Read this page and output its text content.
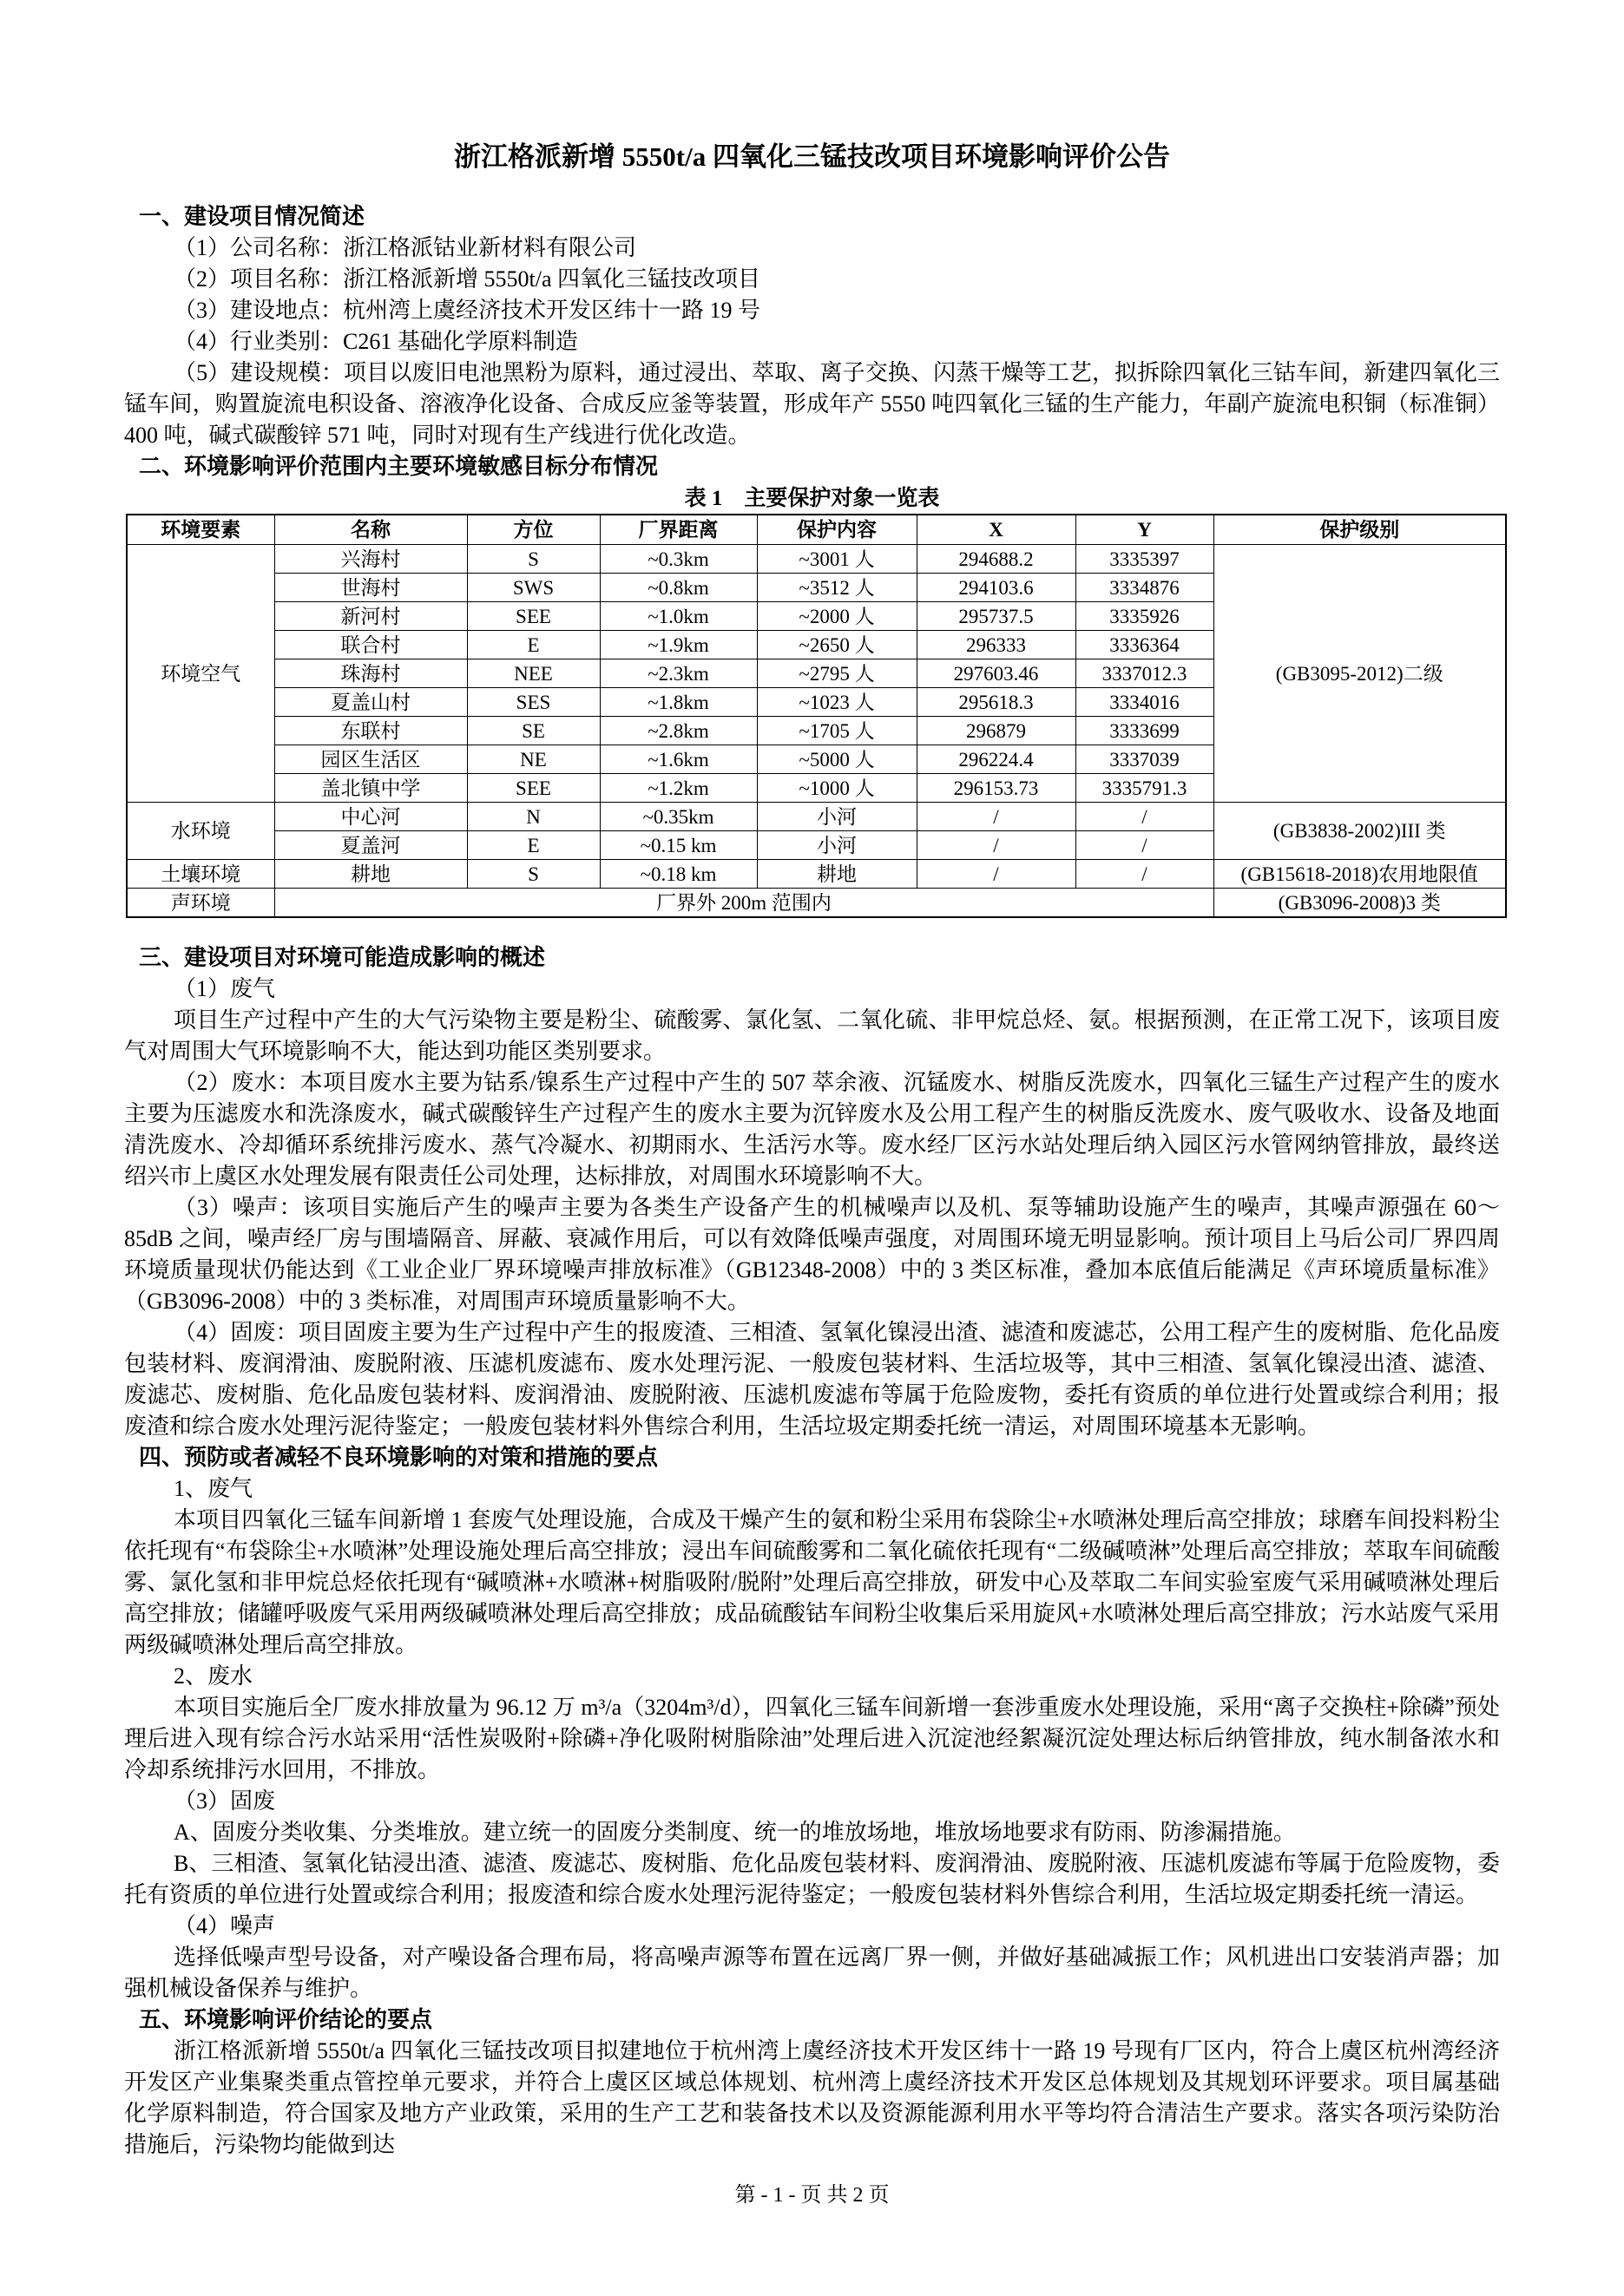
浙江格派新增 5550t/a 四氧化三锰技改项目环境影响评价公告

一、建设项目情况简述

（1）公司名称：浙江格派钴业新材料有限公司

（2）项目名称：浙江格派新增 5550t/a 四氧化三锰技改项目

（3）建设地点：杭州湾上虞经济技术开发区纬十一路 19 号

（4）行业类别：C261 基础化学原料制造

（5）建设规模：项目以废旧电池黑粉为原料，通过浸出、萃取、离子交换、闪蒸干燥等工艺，拟拆除四氧化三钴车间，新建四氧化三锰车间，购置旋流电积设备、溶液净化设备、合成反应釜等装置，形成年产 5550 吨四氧化三锰的生产能力，年副产旋流电积铜（标准铜）400 吨，碱式碳酸锌 571 吨，同时对现有生产线进行优化改造。

二、环境影响评价范围内主要环境敏感目标分布情况

表 1　主要保护对象一览表

环境要素	名称	方位	厂界距离	保护内容	X	Y	保护级别
环境空气	兴海村	S	~0.3km	~3001 人	294688.2	3335397	(GB3095-2012)二级
	世海村	SWS	~0.8km	~3512 人	294103.6	3334876	
	新河村	SEE	~1.0km	~2000 人	295737.5	3335926	
	联合村	E	~1.9km	~2650 人	296333	3336364	
	珠海村	NEE	~2.3km	~2795 人	297603.46	3337012.3	
	夏盖山村	SES	~1.8km	~1023 人	295618.3	3334016	
	东联村	SE	~2.8km	~1705 人	296879	3333699	
	园区生活区	NE	~1.6km	~5000 人	296224.4	3337039	
	盖北镇中学	SEE	~1.2km	~1000 人	296153.73	3335791.3	
水环境	中心河	N	~0.35km	小河	/	/	(GB3838-2002)III 类
	夏盖河	E	~0.15 km	小河	/	/	
土壤环境	耕地	S	~0.18 km	耕地	/	/	(GB15618-2018)农用地限值
声环境	厂界外 200m 范围内						(GB3096-2008)3 类

三、建设项目对环境可能造成影响的概述

（1）废气

项目生产过程中产生的大气污染物主要是粉尘、硫酸雾、氯化氢、二氧化硫、非甲烷总烃、氨。根据预测，在正常工况下，该项目废气对周围大气环境影响不大，能达到功能区类别要求。

（2）废水：本项目废水主要为钴系/镍系生产过程中产生的 507 萃余液、沉锰废水、树脂反洗废水，四氧化三锰生产过程产生的废水主要为压滤废水和洗涤废水，碱式碳酸锌生产过程产生的废水主要为沉锌废水及公用工程产生的树脂反洗废水、废气吸收水、设备及地面清洗废水、冷却循环系统排污废水、蒸气冷凝水、初期雨水、生活污水等。废水经厂区污水站处理后纳入园区污水管网纳管排放，最终送绍兴市上虞区水处理发展有限责任公司处理，达标排放，对周围水环境影响不大。

（3）噪声：该项目实施后产生的噪声主要为各类生产设备产生的机械噪声以及机、泵等辅助设施产生的噪声，其噪声源强在 60～85dB 之间，噪声经厂房与围墙隔音、屏蔽、衰减作用后，可以有效降低噪声强度，对周围环境无明显影响。预计项目上马后公司厂界四周环境质量现状仍能达到《工业企业厂界环境噪声排放标准》（GB12348-2008）中的 3 类区标准，叠加本底值后能满足《声环境质量标准》（GB3096-2008）中的 3 类标准，对周围声环境质量影响不大。

（4）固废：项目固废主要为生产过程中产生的报废渣、三相渣、氢氧化镍浸出渣、滤渣和废滤芯，公用工程产生的废树脂、危化品废包装材料、废润滑油、废脱附液、压滤机废滤布、废水处理污泥、一般废包装材料、生活垃圾等，其中三相渣、氢氧化镍浸出渣、滤渣、废滤芯、废树脂、危化品废包装材料、废润滑油、废脱附液、压滤机废滤布等属于危险废物，委托有资质的单位进行处置或综合利用；报废渣和综合废水处理污泥待鉴定；一般废包装材料外售综合利用，生活垃圾定期委托统一清运，对周围环境基本无影响。

四、预防或者减轻不良环境影响的对策和措施的要点

1、废气

本项目四氧化三锰车间新增 1 套废气处理设施，合成及干燥产生的氨和粉尘采用布袋除尘+水喷淋处理后高空排放；球磨车间投料粉尘依托现有“布袋除尘+水喷淋”处理设施处理后高空排放；浸出车间硫酸雾和二氧化硫依托现有“二级碱喷淋”处理后高空排放；萃取车间硫酸雾、氯化氢和非甲烷总烃依托现有“碱喷淋+水喷淋+树脂吸附/脱附”处理后高空排放，研发中心及萃取二车间实验室废气采用碱喷淋处理后高空排放；储罐呼吸废气采用两级碱喷淋处理后高空排放；成品硫酸钴车间粉尘收集后采用旋风+水喷淋处理后高空排放；污水站废气采用两级碱喷淋处理后高空排放。

2、废水

本项目实施后全厂废水排放量为 96.12 万 m³/a（3204m³/d），四氧化三锰车间新增一套涉重废水处理设施，采用“离子交换柱+除磷”预处理后进入现有综合污水站采用“活性炭吸附+除磷+净化吸附树脂除油”处理后进入沉淀池经絮凝沉淀处理达标后纳管排放，纯水制备浓水和冷却系统排污水回用，不排放。

（3）固废

A、固废分类收集、分类堆放。建立统一的固废分类制度、统一的堆放场地，堆放场地要求有防雨、防渗漏措施。

B、三相渣、氢氧化钴浸出渣、滤渣、废滤芯、废树脂、危化品废包装材料、废润滑油、废脱附液、压滤机废滤布等属于危险废物，委托有资质的单位进行处置或综合利用；报废渣和综合废水处理污泥待鉴定；一般废包装材料外售综合利用，生活垃圾定期委托统一清运。

（4）噪声

选择低噪声型号设备，对产噪设备合理布局，将高噪声源等布置在远离厂界一侧，并做好基础减振工作；风机进出口安装消声器；加强机械设备保养与维护。

五、环境影响评价结论的要点

浙江格派新增 5550t/a 四氧化三锰技改项目拟建地位于杭州湾上虞经济技术开发区纬十一路 19 号现有厂区内，符合上虞区杭州湾经济开发区产业集聚类重点管控单元要求，并符合上虞区区域总体规划、杭州湾上虞经济技术开发区总体规划及其规划环评要求。项目属基础化学原料制造，符合国家及地方产业政策，采用的生产工艺和装备技术以及资源能源利用水平等均符合清洁生产要求。落实各项污染防治措施后，污染物均能做到达

第 - 1 - 页 共 2 页
